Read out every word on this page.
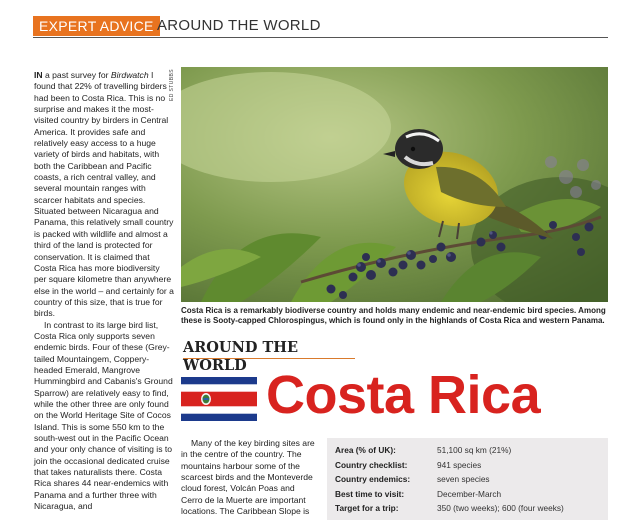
EXPERT ADVICE AROUND THE WORLD

IN a past survey for Birdwatch I found that 22% of travelling birders had been to Costa Rica. This is no surprise and makes it the most-visited country by birders in Central America. It provides safe and relatively easy access to a huge variety of birds and habitats, with both the Caribbean and Pacific coasts, a rich central valley, and several mountain ranges with scarcer habitats and species. Situated between Nicaragua and Panama, this relatively small country is packed with wildlife and almost a third of the land is protected for conservation. It is claimed that Costa Rica has more biodiversity per square kilometre than anywhere else in the world – and certainly for a country of this size, that is true for birds.

In contrast to its large bird list, Costa Rica only supports seven endemic birds. Four of these (Grey-tailed Mountaingem, Coppery-headed Emerald, Mangrove Hummingbird and Cabanis's Ground Sparrow) are relatively easy to find, while the other three are only found on the World Heritage Site of Cocos Island. This is some 550 km to the south-west out in the Pacific Ocean and your only chance of visiting is to join the occasional dedicated cruise that takes naturalists there. Costa Rica shares 44 near-endemics with Panama and a further three with Nicaragua, and

ED STUBBS
Costa Rica is a remarkably biodiverse country and holds many endemic and near-endemic bird species. Among these is Sooty-capped Chlorospingus, which is found only in the highlands of Costa Rica and western Panama.
AROUND THE WORLD Costa Rica

Many of the key birding sites are in the centre of the country. The mountains harbour some of the scarcest birds and the Monteverde cloud forest, Volcán Poas and Cerro de la Muerte are important locations. The Caribbean Slope is

Area (% of UK):	51,100 sq km (21%)
Country checklist:	941 species
Country endemics:	seven species
Best time to visit:	December-March
Target for a trip:	350 (two weeks); 600 (four weeks)
